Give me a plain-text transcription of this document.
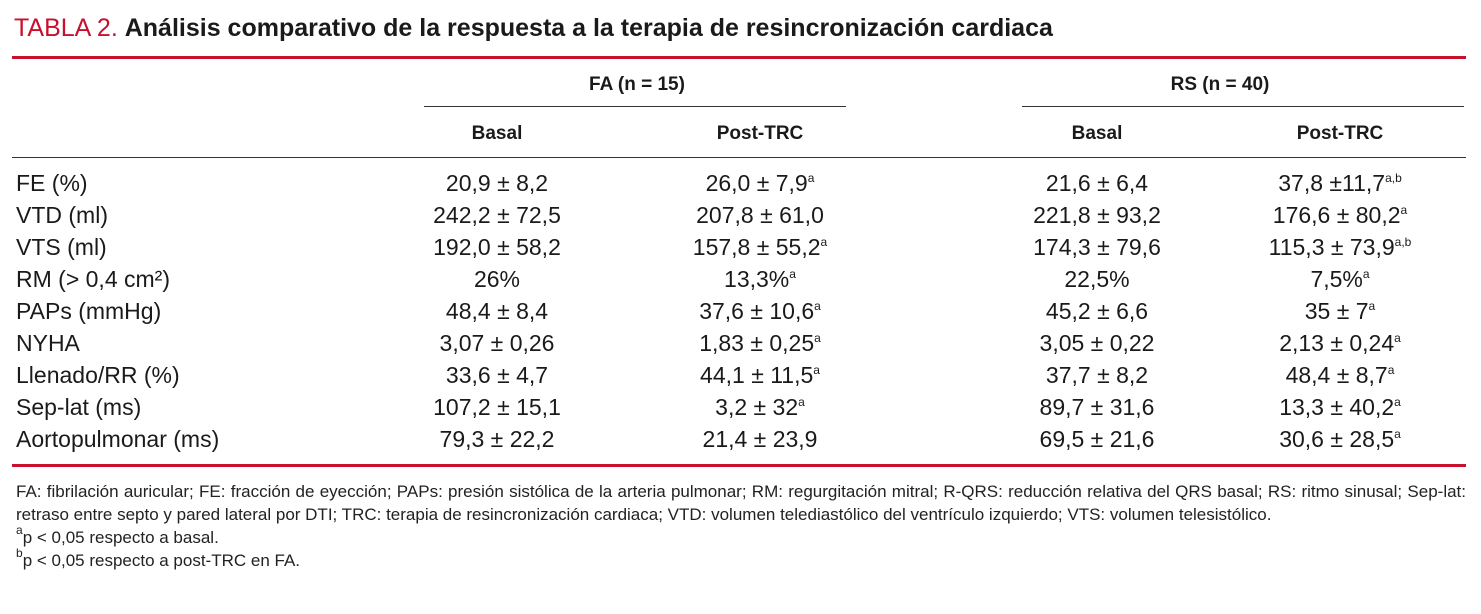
TABLA 2. Análisis comparativo de la respuesta a la terapia de resincronización cardiaca
FA (n = 15)	RS (n = 40)
Basal	Post-TRC	Basal	Post-TRC
FE (%)	20,9 ± 8,2	26,0 ± 7,9$^a$	21,6 ± 6,4	$37,8 \pm 11,7^{a,b}$
VTD (ml)	242,2 ± 72,5	207,8 ± 61,0	221,8 ± 93,2	176,6 ± 80,2$^a$
VTS (ml)	192,0 ± 58,2	157,8 ± 55,2$^a$	174,3 ± 79,6	$115,3 \pm 73,9^{a,b}$
RM (> 0,4 cm²)	26%	13,3%$^a$	22,5%	7,5%$^a$
PAPs (mmHg)	48,4 ± 8,4	37,6 ± 10,6$^a$	45,2 ± 6,6	$35 \pm 7^a$
NYHA	3,07 ± 0,26	1,83 ± 0,25$^a$	3,05 ± 0,22	2,13 ± 0,24$^a$
Llenado/RR (%)	33,6 ± 4,7	44,1 ± 11,5$^a$	37,7 ± 8,2	48,4 ± 8,7$^a$
Sep-lat (ms)	107,2 ± 15,1	$3,2 \pm 32^a$	89,7 ± 31,6	13,3 ± 40,2$^a$
Aortopulmonar (ms)	79,3 ± 22,2	21,4 ± 23,9	69,5 ± 21,6	30,6 ± 28,5$^a$

FA: fibrilación auricular; FE: fracción de eyección; PAPs: presión sistólica de la arteria pulmonar; RM: regurgitación mitral; R-QRS: reducción relativa del QRS basal; RS: ritmo sinusal; Sep-lat: retraso entre septo y pared lateral por DTI; TRC: terapia de resincronización cardiaca; VTD: volumen telediastólico del ventrículo izquierdo; VTS: volumen telesistólico.

$^a$p < 0,05 respecto a basal.

$^b$p < 0,05 respecto a post-TRC en FA.
